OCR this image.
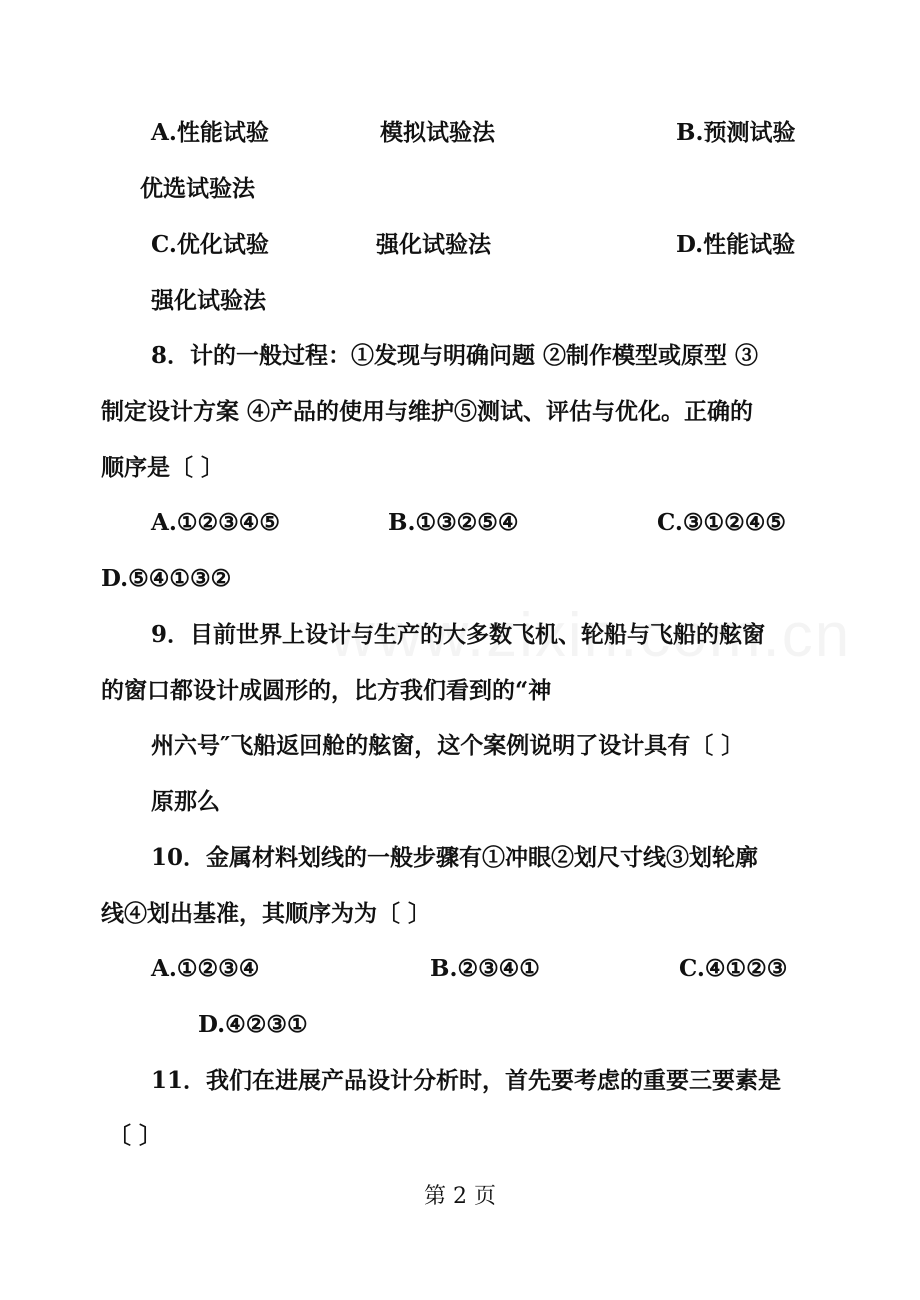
A.性能试验	模拟试验法	B.预测试验
优选试验法
C.优化试验	强化试验法	D.性能试验
强化试验法
8．计的一般过程：①发现与明确问题 ②制作模型或原型 ③
制定设计方案 ④产品的使用与维护⑤测试、评估与优化。正确的
顺序是〔 〕
A.①②③④⑤	B.①③②⑤④	C.③①②④⑤
D.⑤④①③②
9．目前世界上设计与生产的大多数飞机、轮船与飞船的舷窗
的窗口都设计成圆形的，比方我们看到的“神
州六号″飞船返回舱的舷窗，这个案例说明了设计具有〔 〕
原那么
10．金属材料划线的一般步骤有①冲眼②划尺寸线③划轮廓
线④划出基准，其顺序为为〔 〕
A.①②③④	B.②③④①	C.④①②③
D.④②③①
11．我们在进展产品设计分析时，首先要考虑的重要三要素是
〔 〕
第 2 页
